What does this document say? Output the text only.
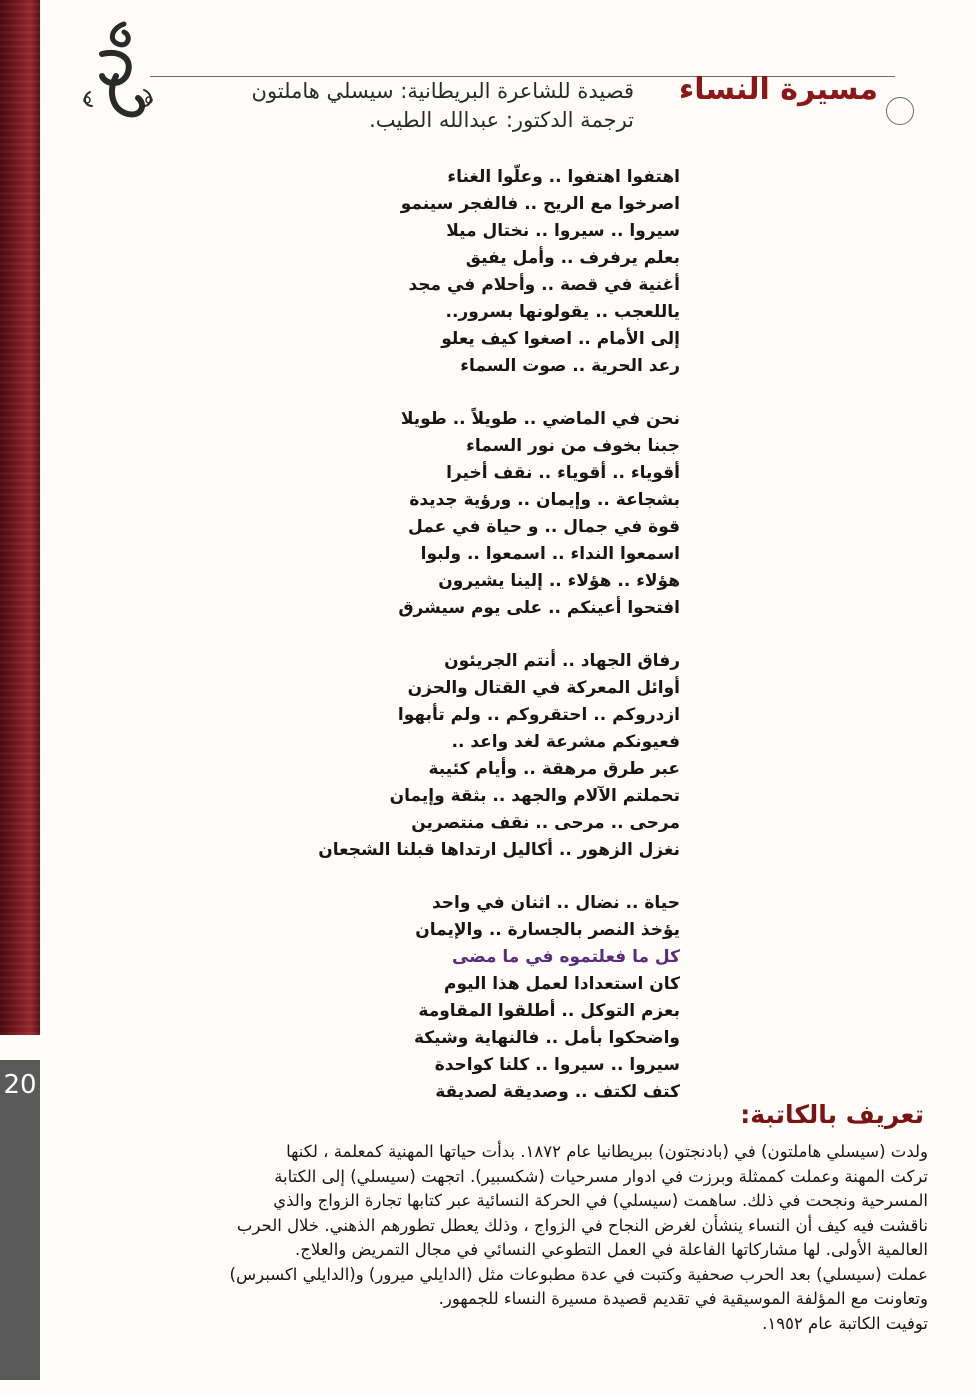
20
مسيرة النساء

قصيدة للشاعرة البريطانية: سيسلي هاملتون

ترجمة الدكتور: عبدالله الطيب.

اهتفوا اهتفوا .. وعلّوا الغناء
اصرخوا مع الريح .. فالفجر سينمو
سيروا .. سيروا .. نختال ميلا
بعلم يرفرف .. وأمل يفيق
أغنية في قصة .. وأحلام في مجد
ياللعجب .. يقولونها بسرور..
إلى الأمام .. اصغوا كيف يعلو
رعد الحرية .. صوت السماء
نحن في الماضي .. طويلاً .. طويلا
جبنا بخوف من نور السماء
أقوياء .. أقوياء .. نقف أخيرا
بشجاعة .. وإيمان .. ورؤية جديدة
قوة في جمال .. و حياة في عمل
اسمعوا النداء .. اسمعوا .. ولبوا
هؤلاء .. هؤلاء .. إلينا يشيرون
افتحوا أعينكم .. على يوم سيشرق
رفاق الجهاد .. أنتم الجريئون
أوائل المعركة في القتال والحزن
ازدروكم .. احتقروكم .. ولم تأبهوا
فعيونكم مشرعة لغد واعد ..
عبر طرق مرهقة .. وأيام كئيبة
تحملتم الآلام والجهد .. بثقة وإيمان
مرحى .. مرحى .. نقف منتصرين
نغزل الزهور .. أكاليل ارتداها قبلنا الشجعان
حياة .. نضال .. اثنان في واحد
يؤخذ النصر بالجسارة .. والإيمان
كل ما فعلتموه في ما مضى
كان استعدادا لعمل هذا اليوم
بعزم التوكل .. أطلقوا المقاومة
واضحكوا بأمل .. فالنهاية وشيكة
سيروا .. سيروا .. كلنا كواحدة
كتف لكتف .. وصديقة لصديقة
تعريف بالكاتبة:
ولدت (سيسلي هاملتون) في (بادنجتون) ببريطانيا عام ١٨٧٢. بدأت حياتها المهنية كمعلمة ، لكنها
تركت المهنة وعملت كممثلة وبرزت في ادوار مسرحيات (شكسبير). اتجهت (سيسلي) إلى الكتابة
المسرحية ونجحت في ذلك. ساهمت (سيسلي) في الحركة النسائية عبر كتابها تجارة الزواج والذي
ناقشت فيه كيف أن النساء ينشأن لغرض النجاح في الزواج ، وذلك يعطل تطورهم الذهني. خلال الحرب
العالمية الأولى. لها مشاركاتها الفاعلة في العمل التطوعي النسائي في مجال التمريض والعلاج.
عملت (سيسلي) بعد الحرب صحفية وكتبت في عدة مطبوعات مثل (الدايلي ميرور) و(الدايلي اكسبرس)
وتعاونت مع المؤلفة الموسيقية في تقديم قصيدة مسيرة النساء للجمهور.
توفيت الكاتبة عام ١٩٥٢.
